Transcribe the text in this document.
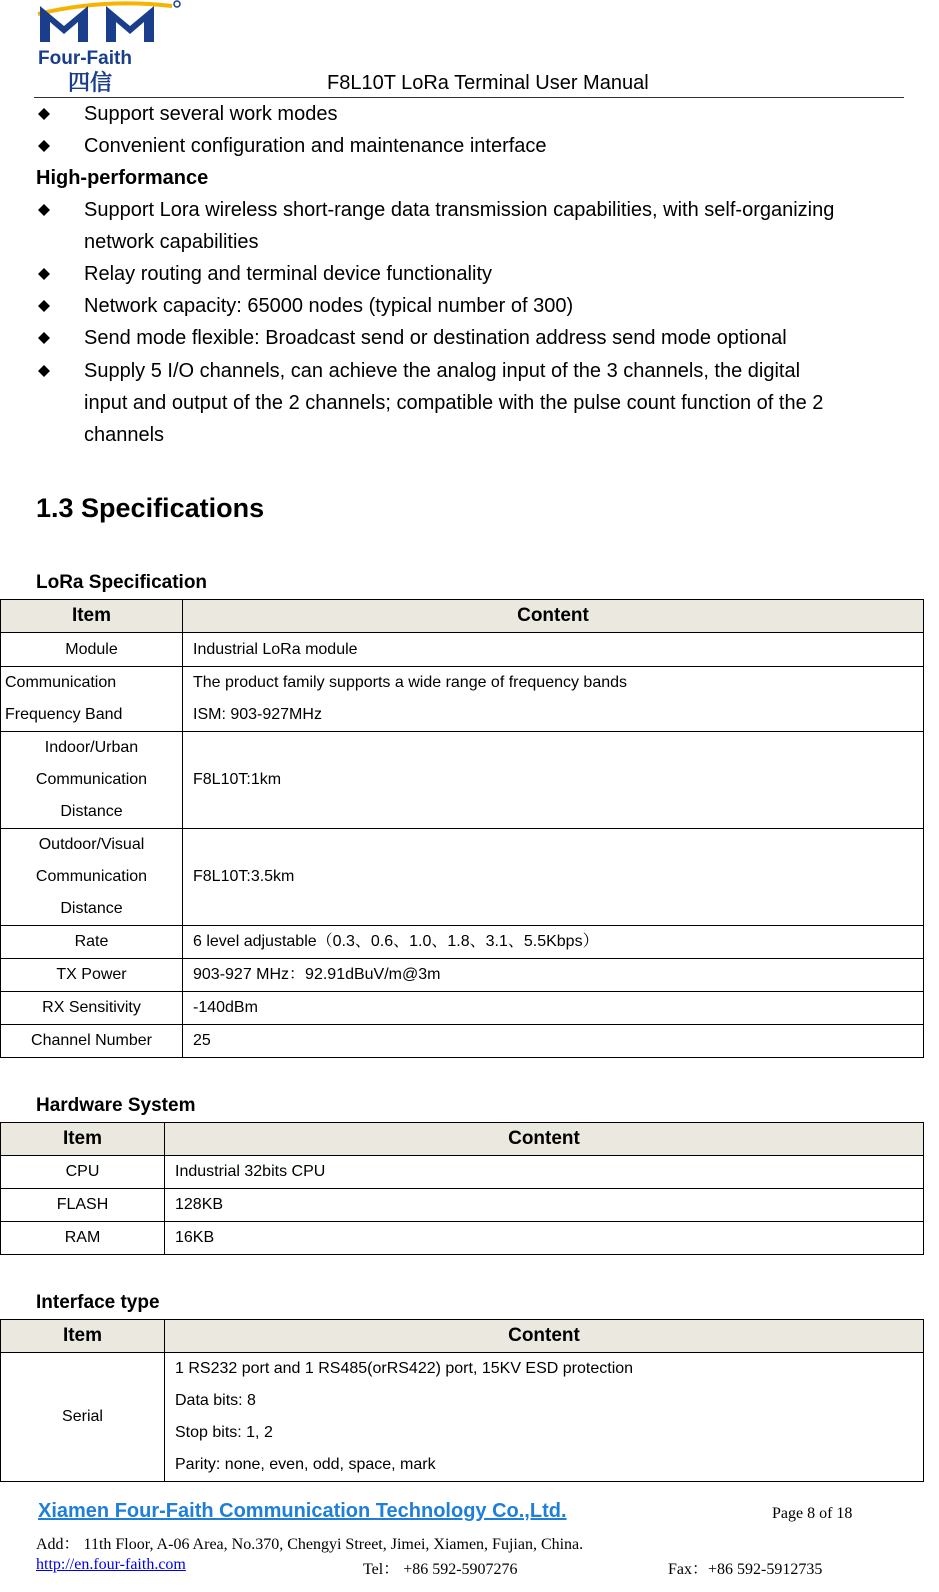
Four-Faith
四信	F8L10T LoRa Terminal User Manual
Support several work modes
Convenient configuration and maintenance interface
High-performance
Support Lora wireless short-range data transmission capabilities, with self-organizing
network capabilities
Relay routing and terminal device functionality
Network capacity: 65000 nodes (typical number of 300)
Send mode flexible: Broadcast send or destination address send mode optional
Supply 5 I/O channels, can achieve the analog input of the 3 channels, the digital
input and output of the 2 channels; compatible with the pulse count function of the 2
channels
1.3 Specifications
LoRa Specification
Item	Content

Module	Industrial LoRa module

Communication
Frequency Band	The product family supports a wide range of frequency bands
ISM: 903-927MHz

Indoor/Urban
Communication
Distance	F8L10T:1km

Outdoor/Visual
Communication
Distance	F8L10T:3.5km

Rate	6 level adjustable（0.3、0.6、1.0、1.8、3.1、5.5Kbps）

TX Power	903-927 MHz：92.91dBuV/m@3m

RX Sensitivity	-140dBm

Channel Number	25
Hardware System
Item	Content

CPU	Industrial 32bits CPU

FLASH	128KB

RAM	16KB
Interface type
Item	Content

Serial	1 RS232 port and 1 RS485(orRS422) port, 15KV ESD protection
Data bits: 8
Stop bits: 1, 2
Parity: none, even, odd, space, mark
Xiamen Four-Faith Communication Technology Co.,Ltd.	Page 8 of 18
Add： 11th Floor, A-06 Area, No.370, Chengyi Street, Jimei, Xiamen, Fujian, China.
http://en.four-faith.com	Tel： +86 592-5907276	Fax：+86 592-5912735
